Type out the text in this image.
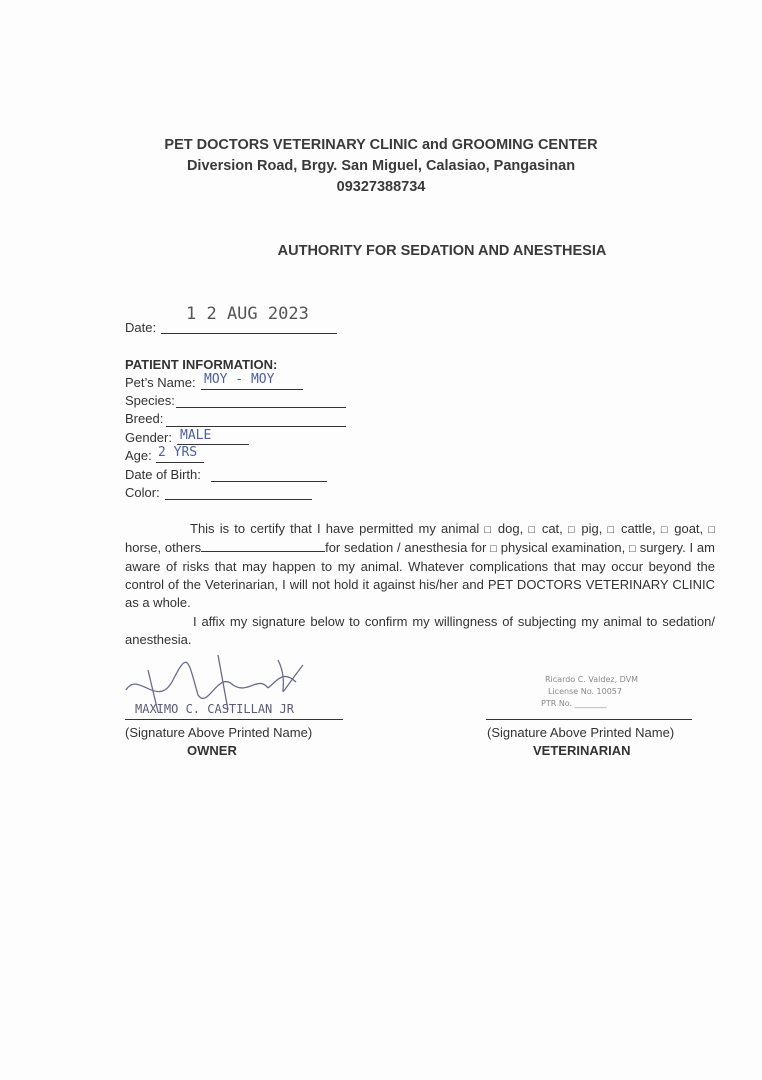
PET DOCTORS VETERINARY CLINIC and GROOMING CENTER
Diversion Road, Brgy. San Miguel, Calasiao, Pangasinan
09327388734
AUTHORITY FOR SEDATION AND ANESTHESIA
Date:
1 2 AUG 2023
PATIENT INFORMATION:
Pet’s Name: MOY - MOY
Species:
Breed:
Gender: MALE
Age: 2 YRS
Date of Birth:
Color:
This is to certify that I have permitted my animal □ dog, □ cat, □ pig, □ cattle, □ goat, □ horse, others	for sedation / anesthesia for □ physical examination, □ surgery. I am aware of risks that may happen to my animal. Whatever complications that may occur beyond the control of the Veterinarian, I will not hold it against his/her and PET DOCTORS VETERINARY CLINIC as a whole.
I affix my signature below to confirm my willingness of subjecting my animal to sedation/ anesthesia.
MAXIMO C. CASTILLAN JR
(Signature Above Printed Name)
OWNER
Ricardo C. Valdez, DVM
License No. 10057
PTR No. ________
(Signature Above Printed Name)
VETERINARIAN
